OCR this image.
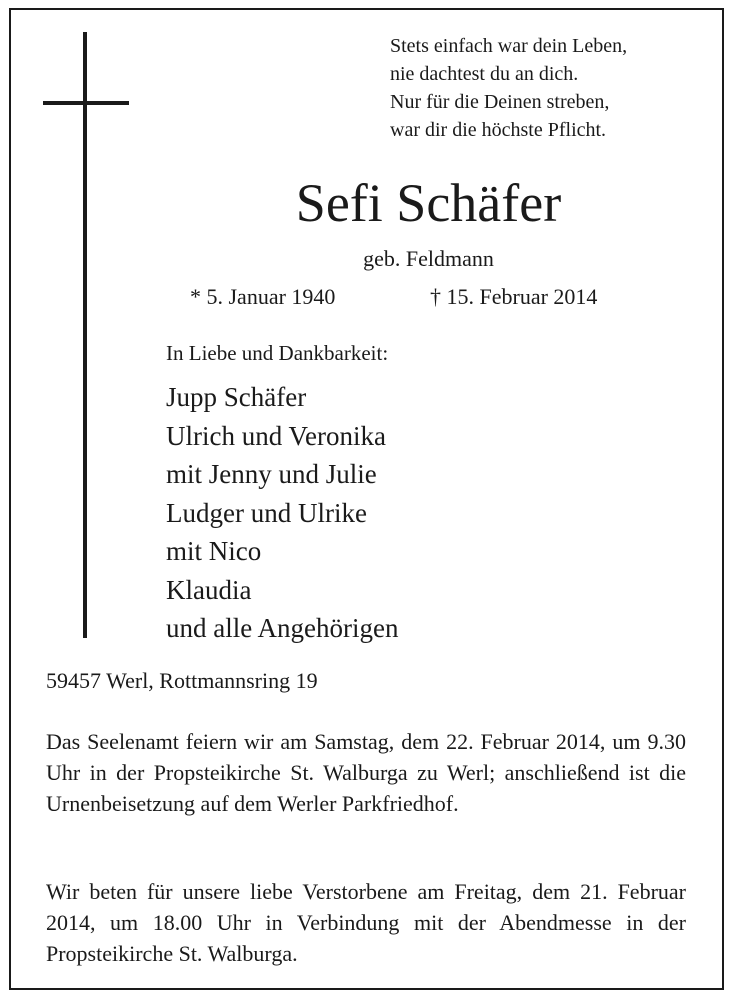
Stets einfach war dein Leben,
nie dachtest du an dich.
Nur für die Deinen streben,
war dir die höchste Pflicht.
Sefi Schäfer
geb. Feldmann
* 5. Januar 1940	† 15. Februar 2014
In Liebe und Dankbarkeit:
Jupp Schäfer
Ulrich und Veronika
mit Jenny und Julie
Ludger und Ulrike
mit Nico
Klaudia
und alle Angehörigen
59457 Werl, Rottmannsring 19
Das Seelenamt feiern wir am Samstag, dem 22. Februar 2014, um 9.30 Uhr in der Propsteikirche St. Walburga zu Werl; anschließend ist die Urnenbeisetzung auf dem Werler Parkfriedhof.
Wir beten für unsere liebe Verstorbene am Freitag, dem 21. Februar 2014, um 18.00 Uhr in Verbindung mit der Abendmesse in der Propsteikirche St. Walburga.
